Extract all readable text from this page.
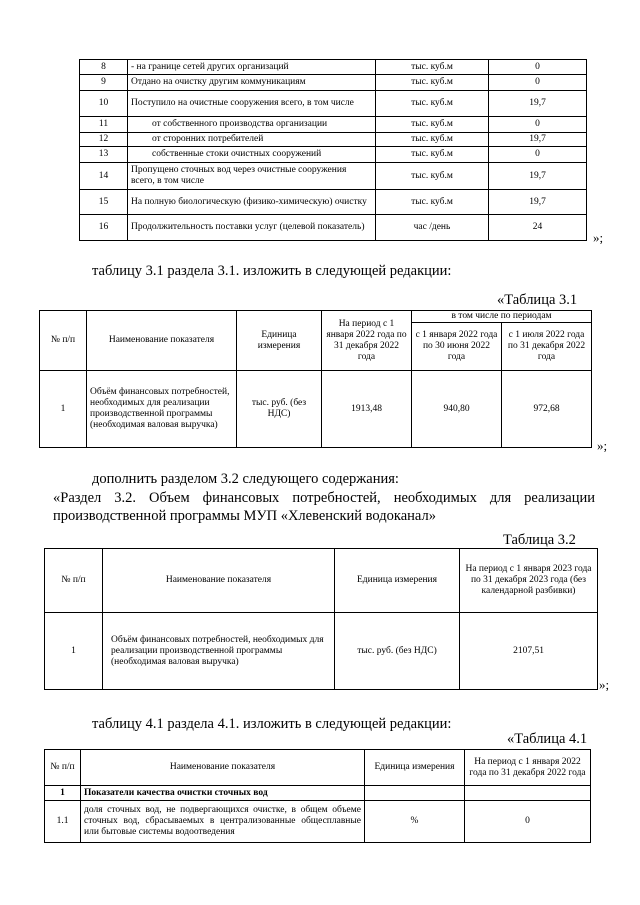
8	- на границе сетей других организаций	тыс. куб.м	0
9	Отдано на очистку другим коммуникациям	тыс. куб.м	0
10	Поступило на очистные сооружения всего, в том числе	тыс. куб.м	19,7
11	от собственного производства организации	тыс. куб.м	0
12	от сторонних потребителей	тыс. куб.м	19,7
13	собственные стоки очистных сооружений	тыс. куб.м	0
14	Пропущено сточных вод через очистные сооружения всего, в том числе	тыс. куб.м	19,7
15	На полную биологическую (физико-химическую) очистку	тыс. куб.м	19,7
16	Продолжительность поставки услуг (целевой показатель)	час /день	24
»;
таблицу 3.1 раздела 3.1. изложить в следующей редакции:
«Таблица 3.1
№ п/п	Наименование показателя	Единица измерения	На период с 1 января 2022 года по 31 декабря 2022 года	в том числе по периодам	
				с 1 января 2022 года по 30 июня 2022 года	с 1 июля 2022 года по 31 декабря 2022 года
1	Объём финансовых потребностей, необходимых для реализации производственной программы (необходимая валовая выручка)	тыс. руб. (без НДС)	1913,48	940,80	972,68
»;
дополнить разделом 3.2 следующего содержания:
«Раздел 3.2. Объем финансовых потребностей, необходимых для реализации
производственной программы МУП «Хлевенский водоканал»
Таблица 3.2
№ п/п	Наименование показателя	Единица измерения	На период с 1 января 2023 года по 31 декабря 2023 года (без календарной разбивки)
1	Объём финансовых потребностей, необходимых для реализации производственной программы (необходимая валовая выручка)	тыс. руб. (без НДС)	2107,51
»;
таблицу 4.1 раздела 4.1. изложить в следующей редакции:
«Таблица 4.1
№ п/п	Наименование показателя	Единица измерения	На период с 1 января 2022 года по 31 декабря 2022 года
1	Показатели качества очистки сточных вод		
1.1	доля сточных вод, не подвергающихся очистке, в общем объеме сточных вод, сбрасываемых в централизованные общесплавные или бытовые системы водоотведения	%	0
